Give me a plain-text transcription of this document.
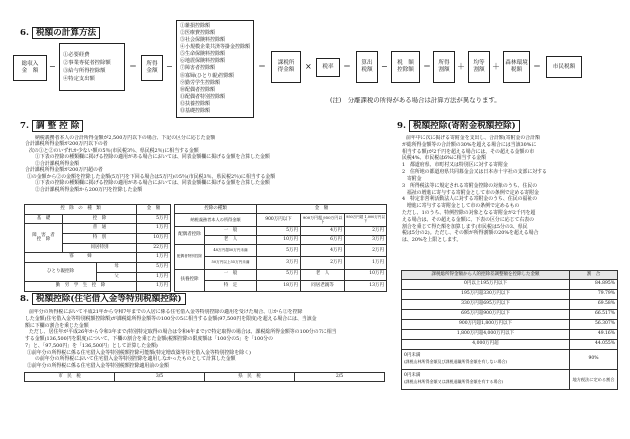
6. 税額の計算方法
総収入
金　額 −
①必要経費
②事業専従者控除額
③給与所得控除額
④特定支出額
＝ 所得
金額 −
①雑損控除額
②医療費控除額
③社会保険料控除額
④小規模企業共済等掛金控除額
⑤生命保険料控除額
⑥地震保険料控除額
⑦障害者控除額
⑧寡婦(ひとり親)控除額
⑨勤労学生控除額
⑩配偶者控除額
⑪配偶者特別控除額
⑫扶養控除額
⑬基礎控除額
＝ 課税所
得金額 × 税率 ＝ 算出
税額 − 税　額
控除額 ＝ 所得
割額 ＋ 均等
割額 ＋ 森林環境
税額 ＝ 市民税額
(注)　 分離課税の所得がある場合は計算方法が異なります。
7. 調 整 控 除
納税義務者本人の合計所得金額が2,500万円以下の場合、下記の区分に応じた金額
合計課税所得金額が200万円以下の者
次の①と②のいずれか少ない額の5％(市民税3％、県民税2％)に相当する金額
①下表の控除の種類欄に掲げる控除の適用がある場合においては、同表金額欄に掲げる金額を合算した金額
②合計課税所得金額
合計課税所得金額が200万円超の者
①の金額から②の金額を控除した金額(5万円を下回る場合は5万円)の5％(市民税3％、県民税2％)に相当する金額
①下表の控除の種類欄に掲げる控除の適用がある場合においては、同表金額欄に掲げる金額を合算した金額
②合計課税所得金額から200万円を控除した金額
控　除　の　種　類			金　額
基　礎	控　除		5万円
障　害　者
控　除	普　通		1万円
	特　別		10万円
	同居特別		22万円
寡　　　婦			1万円
ひとり親控除		母	5万円
		父	1万円
勤　労　学　生　控　除			1万円
控除の種類		金　額		
納税義務者本人の所得金額		900万円以下	900万円超 950万円以下	950万円超 1,000万円以下
配偶者控除	一　般	5万円	4万円	2万円
	老　人	10万円	6万円	3万円
配偶者特別控除	48万円超50万円未満	5万円	4万円	2万円
	50万円以上55万円未満	3万円	2万円	1万円
扶養控除	一　般	5万円	老　人	10万円
	特　定	18万円	同居老親等	13万円
8. 税額控除(住宅借入金等特別税額控除)
前年分の所得税において平成21年から令和7年までの入居に係る住宅借入金等特別控除の適用を受けた場合、①から②を控除
した金額(住宅借入金等特別税額控除額)が課税総所得金額等の100分の5に相当する金額(97,500円を限度)を超える場合には、当該金
額に下欄の割合を乗じた金額
ただし、居住年が平成26年から令和3年まで(特別特定取得の場合は令和4年まで)で特定取得の場合は、課税総所得金額等の100分の7に相当
する金額(136,500円を限度)について、下欄の割合を乗じた金額(税額控除の限度額は「100分の5」を「100分の
7」と、「97,500円」を「136,500円」として計算した金額)
①前年分の所得税に係る住宅借入金等特別税額控除可能額(特定増改築等住宅借入金等特別控除を除く)
の前年分の所得税において住宅借入金等特別控除を適用しなかったものとして計算した金額
②前年分の所得税に係る住宅借入金等特別税額控除適用前の金額
市　民　税	3/5	県　民　税	2/5
9. 税額控除(寄附金税額控除)
前年中に次に掲げる寄附金を支出し、合計額(寄附金の合計額
が総所得金額等の合計額の30%を超える場合には当該30%に
相当する額)が2千円を超える場合には、その超える金額の市
民税4%、市民税は6%に相当する金額
1　都道府県、市町村又は特別区に対する寄附金
2　住所地の都道府県共同募金会又は日本赤十字社の支部に対する
　寄附金
3　所得税法等に規定される寄附金控除の対象のうち、住民の
　福祉の増進に寄与する寄附金として市の条例で定める寄附金
4　特定非営利活動法人に対する寄附金のうち、住民の福祉の
　増進に寄与する寄附金として市の条例で定めるもの
ただし、1のうち、特例控除の対象となる寄附金が2千円を超
える場合は、その超える金額に、下表の区分に応じて右表の
割合を乗じて得た額を加算します(市民税は5分の3、県民
税は5分の2)。ただし、その額が所得割額の20%を超える場合
は、20%を上限とします。
課税総所得金額から人的控除差調整額を控除した金額	割　合
0円以上195万円以下	84.895%
195万円超330万円以下	79.79%
330万円超695万円以下	69.58%
695万円超900万円以下	66.517%
900万円超1,800万円以下	56.307%
1,800万円超4,000万円以下	49.16%
4,000万円超	44.055%
0円未満
(課税山林所得金額及び課税退職所得金額を有しない場合)	90%
0円未満
(課税山林所得金額又は課税退職所得金額を有する場合)	地方税法に定める割合
